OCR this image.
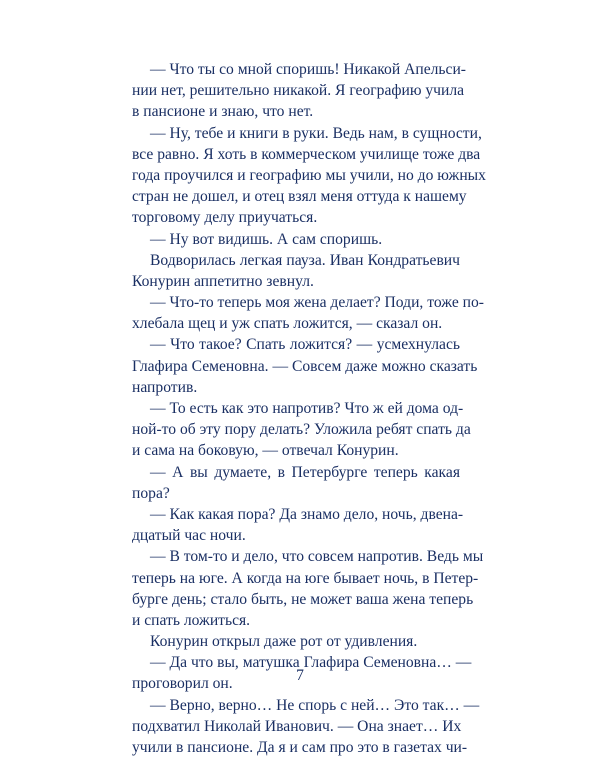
— Что ты со мной споришь! Никакой Апельси-
нии нет, решительно никакой. Я географию учила
в пансионе и знаю, что нет.
— Ну, тебе и книги в руки. Ведь нам, в сущности,
все равно. Я хоть в коммерческом училище тоже два
года проучился и географию мы учили, но до южных
стран не дошел, и отец взял меня оттуда к нашему
торговому делу приучаться.
— Ну вот видишь. А сам споришь.
Водворилась легкая пауза. Иван Кондратьевич
Конурин аппетитно зевнул.
— Что-то теперь моя жена делает? Поди, тоже по-
хлебала щец и уж спать ложится, — сказал он.
— Что такое? Спать ложится? — усмехнулась
Глафира Семеновна. — Совсем даже можно сказать
напротив.
— То есть как это напротив? Что ж ей дома од-
ной-то об эту пору делать? Уложила ребят спать да
и сама на боковую, — отвечал Конурин.
— А вы думаете, в Петербурге теперь какая
пора?
— Как какая пора? Да знамо дело, ночь, двена-
дцатый час ночи.
— В том-то и дело, что совсем напротив. Ведь мы
теперь на юге. А когда на юге бывает ночь, в Петер-
бурге день; стало быть, не может ваша жена теперь
и спать ложиться.
Конурин открыл даже рот от удивления.
— Да что вы, матушка Глафира Семеновна… —
проговорил он.
— Верно, верно… Не спорь с ней… Это так… —
подхватил Николай Иванович. — Она знает… Их
учили в пансионе. Да я и сам про это в газетах чи-
7
